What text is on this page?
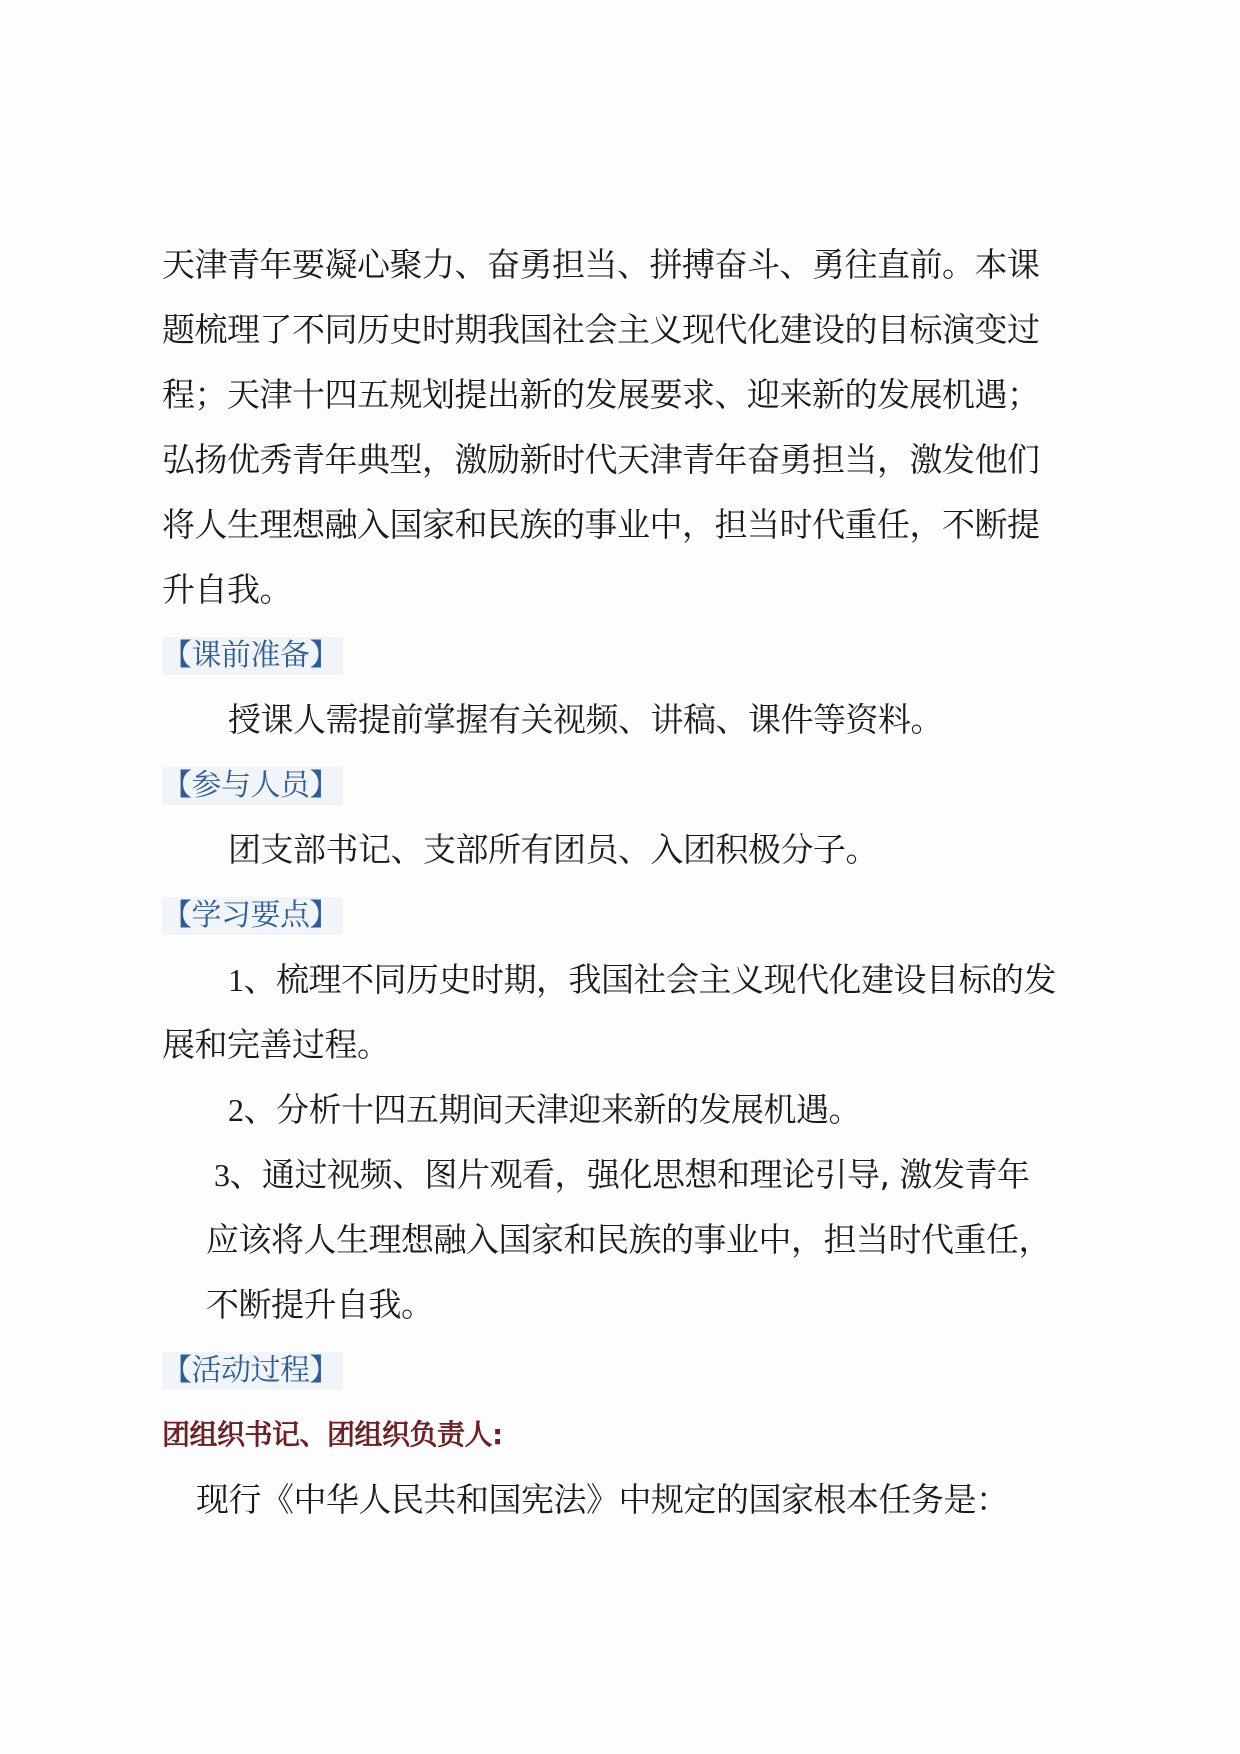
天津青年要凝心聚力、奋勇担当、拼搏奋斗、勇往直前。本课
题梳理了不同历史时期我国社会主义现代化建设的目标演变过
程；天津十四五规划提出新的发展要求、迎来新的发展机遇；
弘扬优秀青年典型，激励新时代天津青年奋勇担当，激发他们
将人生理想融入国家和民族的事业中，担当时代重任，不断提
升自我。
【课前准备】
授课人需提前掌握有关视频、讲稿、课件等资料。
【参与人员】
团支部书记、支部所有团员、入团积极分子。
【学习要点】
1、梳理不同历史时期，我国社会主义现代化建设目标的发
展和完善过程。
2、分析十四五期间天津迎来新的发展机遇。
3、通过视频、图片观看，强化思想和理论引导, 激发青年
应该将人生理想融入国家和民族的事业中，担当时代重任，
不断提升自我。
【活动过程】
团组织书记、团组织负责人:
现行《中华人民共和国宪法》中规定的国家根本任务是：
